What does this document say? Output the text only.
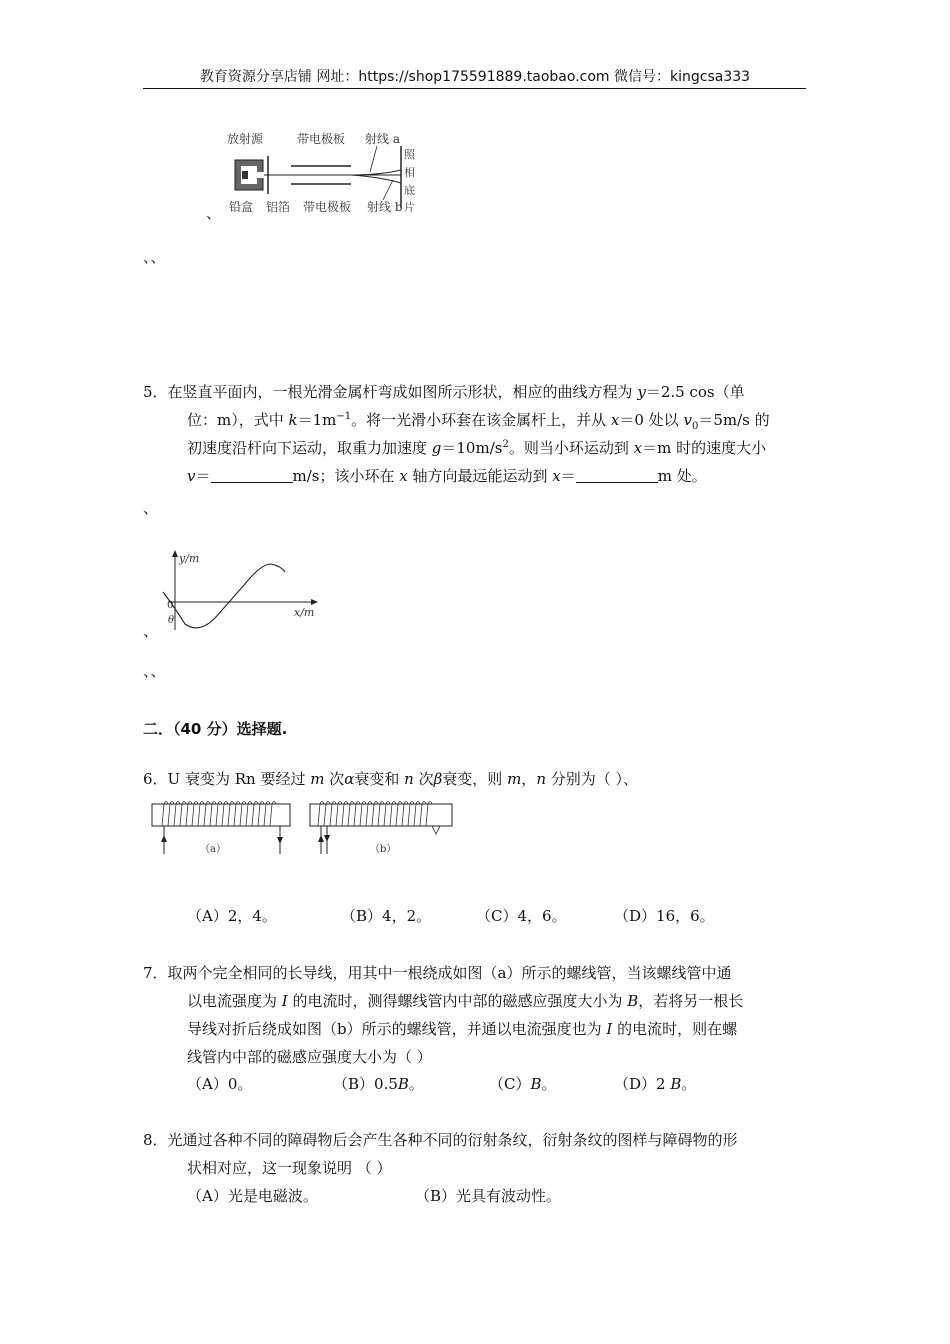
教育资源分享店铺 网址：https://shop175591889.taobao.com 微信号：kingcsa333
放射源	带电极板 射线 a
照
相
底
片
铅盒 铝箔 带电极板 射线 b
、
、、
5．在竖直平面内，一根光滑金属杆弯成如图所示形状，相应的曲线方程为 y＝2.5 cos（单
位：m），式中 $k=1m^{-1}$。将一光滑小环套在该金属杆上，并从 x＝0 处以 $v_0=5m/s$ 的
初速度沿杆向下运动，取重力加速度 $g=10m/s^2$。则当小环运动到 x＝m 时的速度大小
v＝	m/s；该小环在 x 轴方向最远能运动到 x＝	m 处。
、
y/m
x/m
0
θ
、
、、
二．（40 分）选择题.
6．U 衰变为 Rn 要经过 m 次α衰变和 n 次β衰变，则 m，n 分别为（ ）、
（a）	（b）
（A）2，4。	（B）4，2。	（C）4，6。	（D）16，6。
7．取两个完全相同的长导线，用其中一根绕成如图（a）所示的螺线管，当该螺线管中通
以电流强度为 I 的电流时，测得螺线管内中部的磁感应强度大小为 B，若将另一根长
导线对折后绕成如图（b）所示的螺线管，并通以电流强度也为 I 的电流时，则在螺
线管内中部的磁感应强度大小为（ ）
（A）0。	（B）0.5B。	（C）B。	（D）2 B。
8．光通过各种不同的障碍物后会产生各种不同的衍射条纹，衍射条纹的图样与障碍物的形
状相对应，这一现象说明 （ ）
（A）光是电磁波。	（B）光具有波动性。
